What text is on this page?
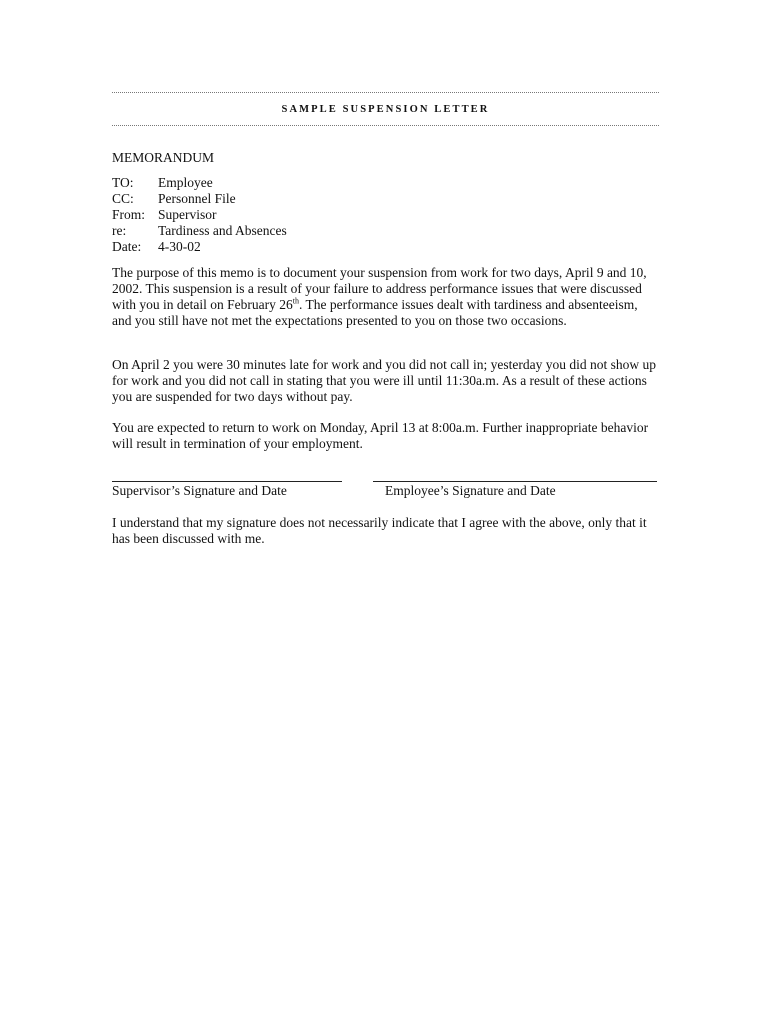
SAMPLE SUSPENSION LETTER
MEMORANDUM
TO: Employee
CC: Personnel File
From: Supervisor
re: Tardiness and Absences
Date: 4-30-02

The purpose of this memo is to document your suspension from work for two days, April 9 and 10, 2002. This suspension is a result of your failure to address performance issues that were discussed with you in detail on February 26th. The performance issues dealt with tardiness and absenteeism, and you still have not met the expectations presented to you on those two occasions.

On April 2 you were 30 minutes late for work and you did not call in; yesterday you did not show up for work and you did not call in stating that you were ill until 11:30a.m. As a result of these actions you are suspended for two days without pay.

You are expected to return to work on Monday, April 13 at 8:00a.m. Further inappropriate behavior will result in termination of your employment.

Supervisor’s Signature and Date	Employee’s Signature and Date

I understand that my signature does not necessarily indicate that I agree with the above, only that it has been discussed with me.
